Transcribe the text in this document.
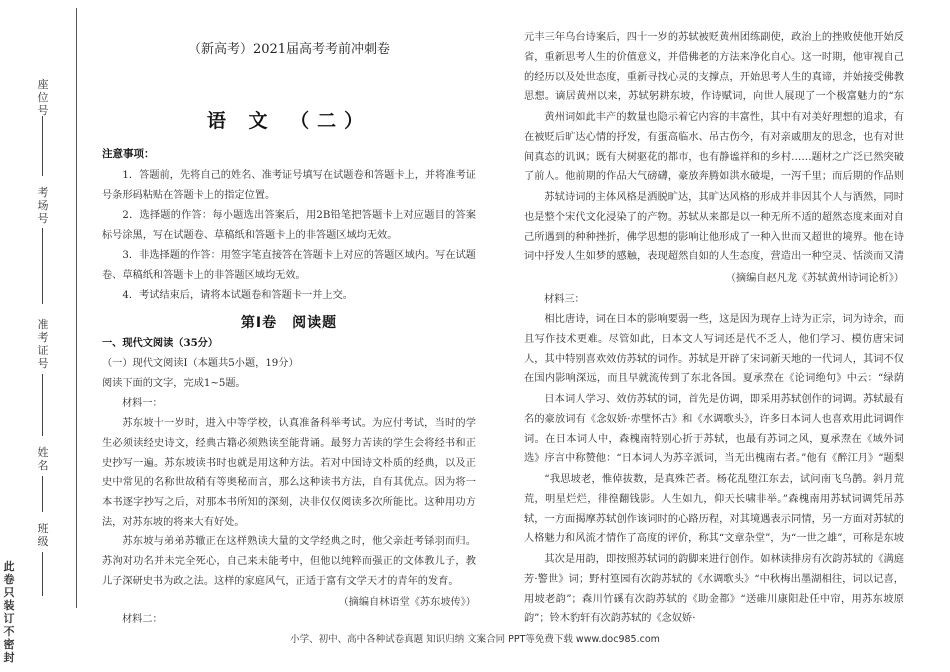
座位号
考场号
准考证号
姓名
班级
此卷只装订不密封
（新高考）2021届高考考前冲刺卷
语 文 （二）
注意事项：
1．答题前，先将自己的姓名、准考证号填写在试题卷和答题卡上，并将准考证号条形码粘贴在答题卡上的指定位置。
2．选择题的作答：每小题选出答案后，用2B铅笔把答题卡上对应题目的答案标号涂黑，写在试题卷、草稿纸和答题卡上的非答题区域均无效。
3．非选择题的作答：用签字笔直接答在答题卡上对应的答题区域内。写在试题卷、草稿纸和答题卡上的非答题区域均无效。
4．考试结束后，请将本试题卷和答题卡一并上交。
第Ⅰ卷　阅读题
一、现代文阅读（35分）
（一）现代文阅读Ⅰ（本题共5小题，19分）
阅读下面的文字，完成1~5题。
材料一：
苏东坡十一岁时，进入中等学校，认真准备科举考试。为应付考试，当时的学生必须读经史诗文，经典古籍必须熟读至能背诵。最努力苦读的学生会将经书和正史抄写一遍。苏东坡读书时也就是用这种方法。若对中国诗文朴质的经典，以及正史中常见的名称世故稍有等奥秘而言，那么这种读书方法，自有其优点。因为将一本书逐字抄写之后，对那本书所知的深刻，决非仅仅阅读多次所能比。这种用功方法，对苏东坡的将来大有好处。
苏东坡与弟弟苏辙正在这样熟读大量的文学经典之时，他父亲赶考铩羽而归。苏洵对功名并未完全死心，自己来未能考中，但他以纯粹而强正的文体教儿子，教儿子深研史书为政之法。这样的家庭风气，正适于富有文学天才的青年的发育。
（摘编自林语堂《苏东坡传》）
材料二：
元丰三年乌台诗案后，四十一岁的苏轼被贬黄州团练副使，政治上的挫败使他开始反省，重新思考人生的价值意义，并借佛老的方法来净化自心。这一时期，他审视自己的经历以及处世态度，重新寻找心灵的支撑点，开始思考人生的真谛，并始接受佛教思想。谪居黄州以来，苏轼躬耕东坡，作诗赋词，向世人展现了一个极富魅力的“东
黄州词如此丰产的数量也隐示着它内容的丰富性，其中有对美好理想的追求，有在被贬后旷达心情的抒发，有蛋高临水、吊古伤今，有对亲戚朋友的思念，也有对世间真态的讥讽；既有大树驱花的都市，也有静谧祥和的乡村……题材之广泛已然突破了前人。他前期的作品大气磅礴，豪放奔腾如洪水破堤，一泻千里；而后期的作品则
苏轼诗词的主体风格是洒脱旷达，其旷达风格的形成并非因其个人与洒然，同时也是整个宋代文化浸染了的产物。苏轼从来都是以一种无所不适的超然态度来面对自己所遇到的种种挫折，佛学思想的影响让他形成了一种入世而又超世的境界。他在诗词中抒发人生如梦的感触，表现超然自如的人生态度，营造出一种空灵、恬淡而又清
（摘编自赵凡龙《苏轼黄州诗词论析》）
材料三：
相比唐诗，词在日本的影响要弱一些，这是因为现存上诗为正宗，词为诗余，而且写作技术更难。尽管如此，日本文人写词还是代不乏人，他们学习、模仿唐宋词人，其中特别喜欢效仿苏轼的词作。苏轼是开辟了宋词新天地的一代词人，其词不仅在国内影响深远，而且早就流传到了东北各国。夏承焘在《论词绝句》中云：“绿荫
日本词人学习、效仿苏轼的词，首先是仿调，即采用苏轼创作的词调。苏轼最有名的豪放词有《念奴娇·赤壁怀古》和《水调歌头》，许多日本词人也喜欢用此词调作词。在日本词人中，森槐南特别心折于苏轼，也最有苏词之风，夏承焘在《域外词选》序言中称赞他：“日本词人为苏辛派词，当无出槐南右者。”他有《醉江月》“题梨
“我思坡老，惟倬拔数，是真殊芒者。杨花乱堕江东去，试问南飞乌鹊。斜月荒荒，明星烂烂，徘徨翻钱影。人生如九，仰天长啸非举。”森槐南用苏轼词调凭吊苏轼，一方面揭摩苏轼创作该词时的心路历程，对其境遇表示同情，另一方面对苏轼的人格魅力和风流才情作了高度的评价，称其“文章杂堂”，为“一世之雄”，可称是东坡
其次是用韵，即按照苏轼词的韵脚来进行创作。如林读排房有次韵苏轼的《满庭芳·警世》词；野村篁园有次韵苏轼的《水调歌头》“中秋梅出墨湖相往，词以记喜，用坡老韵”；森川竹磎有次韵苏轼的《助金都》“送碓川康阳赴任中帘，用苏东坡原韵”；铃木豹轩有次韵苏轼的《念奴娇·
小学、初中、高中各种试卷真题 知识归纳 文案合同 PPT等免费下载 www.doc985.com
